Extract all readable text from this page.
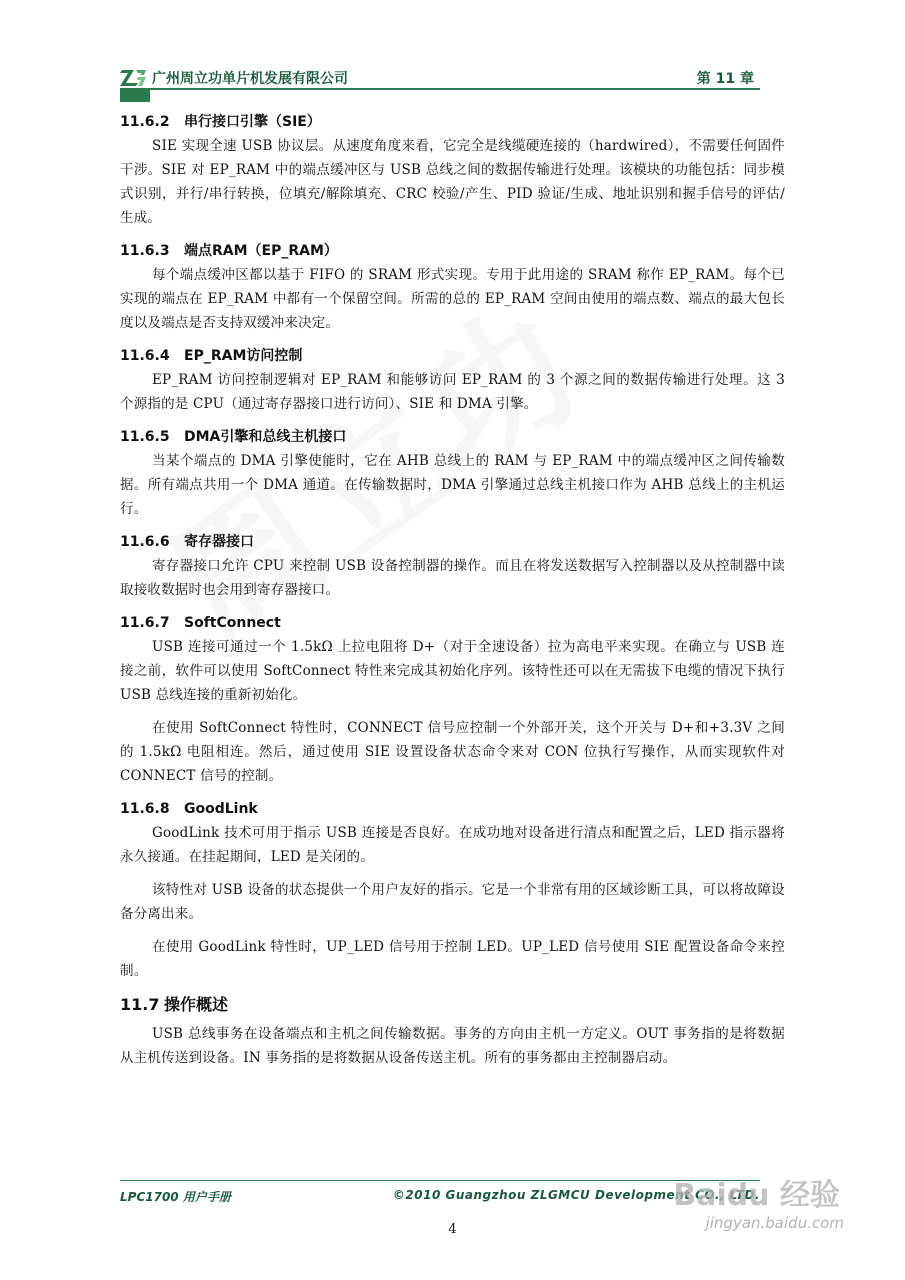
广州周立功单片机发展有限公司	第 11 章
11.6.2 串行接口引擎（SIE）

SIE 实现全速 USB 协议层。从速度角度来看，它完全是线缆硬连接的（hardwired），不需要任何固件干涉。SIE 对 EP_RAM 中的端点缓冲区与 USB 总线之间的数据传输进行处理。该模块的功能包括：同步模式识别，并行/串行转换，位填充/解除填充、CRC 校验/产生、PID 验证/生成、地址识别和握手信号的评估/生成。

11.6.3 端点RAM（EP_RAM）

每个端点缓冲区都以基于 FIFO 的 SRAM 形式实现。专用于此用途的 SRAM 称作 EP_RAM。每个已实现的端点在 EP_RAM 中都有一个保留空间。所需的总的 EP_RAM 空间由使用的端点数、端点的最大包长度以及端点是否支持双缓冲来决定。

11.6.4 EP_RAM访问控制

EP_RAM 访问控制逻辑对 EP_RAM 和能够访问 EP_RAM 的 3 个源之间的数据传输进行处理。这 3 个源指的是 CPU（通过寄存器接口进行访问）、SIE 和 DMA 引擎。

11.6.5 DMA引擎和总线主机接口

当某个端点的 DMA 引擎使能时，它在 AHB 总线上的 RAM 与 EP_RAM 中的端点缓冲区之间传输数据。所有端点共用一个 DMA 通道。在传输数据时，DMA 引擎通过总线主机接口作为 AHB 总线上的主机运行。

11.6.6 寄存器接口

寄存器接口允许 CPU 来控制 USB 设备控制器的操作。而且在将发送数据写入控制器以及从控制器中读取接收数据时也会用到寄存器接口。

11.6.7 SoftConnect

USB 连接可通过一个 1.5kΩ 上拉电阻将 D+（对于全速设备）拉为高电平来实现。在确立与 USB 连接之前，软件可以使用 SoftConnect 特性来完成其初始化序列。该特性还可以在无需拔下电缆的情况下执行 USB 总线连接的重新初始化。

在使用 SoftConnect 特性时，CONNECT 信号应控制一个外部开关，这个开关与 D+和+3.3V 之间的 1.5kΩ 电阻相连。然后，通过使用 SIE 设置设备状态命令来对 CON 位执行写操作，从而实现软件对 CONNECT 信号的控制。

11.6.8 GoodLink

GoodLink 技术可用于指示 USB 连接是否良好。在成功地对设备进行清点和配置之后，LED 指示器将永久接通。在挂起期间，LED 是关闭的。

该特性对 USB 设备的状态提供一个用户友好的指示。它是一个非常有用的区域诊断工具，可以将故障设备分离出来。

在使用 GoodLink 特性时，UP_LED 信号用于控制 LED。UP_LED 信号使用 SIE 配置设备命令来控制。

11.7 操作概述

USB 总线事务在设备端点和主机之间传输数据。事务的方向由主机一方定义。OUT 事务指的是将数据从主机传送到设备。IN 事务指的是将数据从设备传送主机。所有的事务都由主控制器启动。

LPC1700 用户手册	©2010 Guangzhou ZLGMCU Development CO., LTD.
4
Baidu 经验
jingyan.baidu.com
